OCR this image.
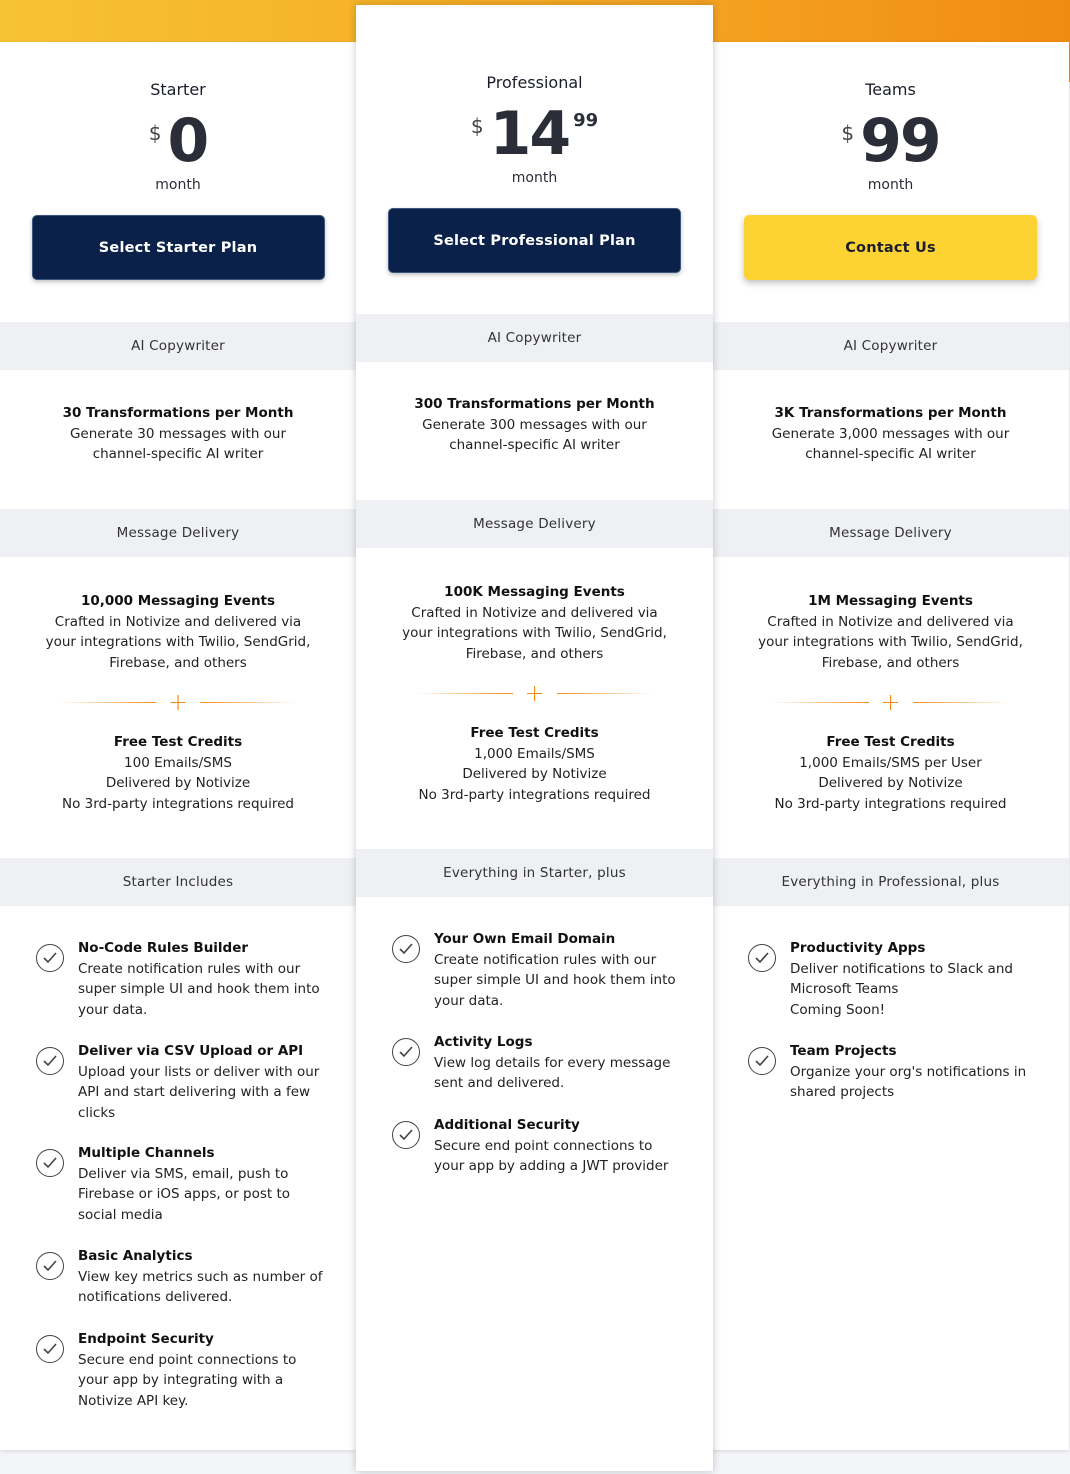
Starter
$ 0
month
Select Starter Plan
AI Copywriter
30 Transformations per Month
Generate 30 messages with our channel-specific AI writer
Message Delivery
10,000 Messaging Events
Crafted in Notivize and delivered via your integrations with Twilio, SendGrid, Firebase, and others
+
Free Test Credits
100 Emails/SMS
Delivered by Notivize
No 3rd-party integrations required
Starter Includes
No-Code Rules Builder
Create notification rules with our super simple UI and hook them into your data.
Deliver via CSV Upload or API
Upload your lists or deliver with our API and start delivering with a few clicks
Multiple Channels
Deliver via SMS, email, push to Firebase or iOS apps, or post to social media
Basic Analytics
View key metrics such as number of notifications delivered.
Endpoint Security
Secure end point connections to your app by integrating with a Notivize API key.
Professional
$ 14 99
month
Select Professional Plan
AI Copywriter
300 Transformations per Month
Generate 300 messages with our channel-specific AI writer
Message Delivery
100K Messaging Events
Crafted in Notivize and delivered via your integrations with Twilio, SendGrid, Firebase, and others
+
Free Test Credits
1,000 Emails/SMS
Delivered by Notivize
No 3rd-party integrations required
Everything in Starter, plus
Your Own Email Domain
Create notification rules with our super simple UI and hook them into your data.
Activity Logs
View log details for every message sent and delivered.
Additional Security
Secure end point connections to your app by adding a JWT provider
Teams
$ 99
month
Contact Us
AI Copywriter
3K Transformations per Month
Generate 3,000 messages with our channel-specific AI writer
Message Delivery
1M Messaging Events
Crafted in Notivize and delivered via your integrations with Twilio, SendGrid, Firebase, and others
+
Free Test Credits
1,000 Emails/SMS per User
Delivered by Notivize
No 3rd-party integrations required
Everything in Professional, plus
Productivity Apps
Deliver notifications to Slack and Microsoft Teams
Coming Soon!
Team Projects
Organize your org's notifications in shared projects
